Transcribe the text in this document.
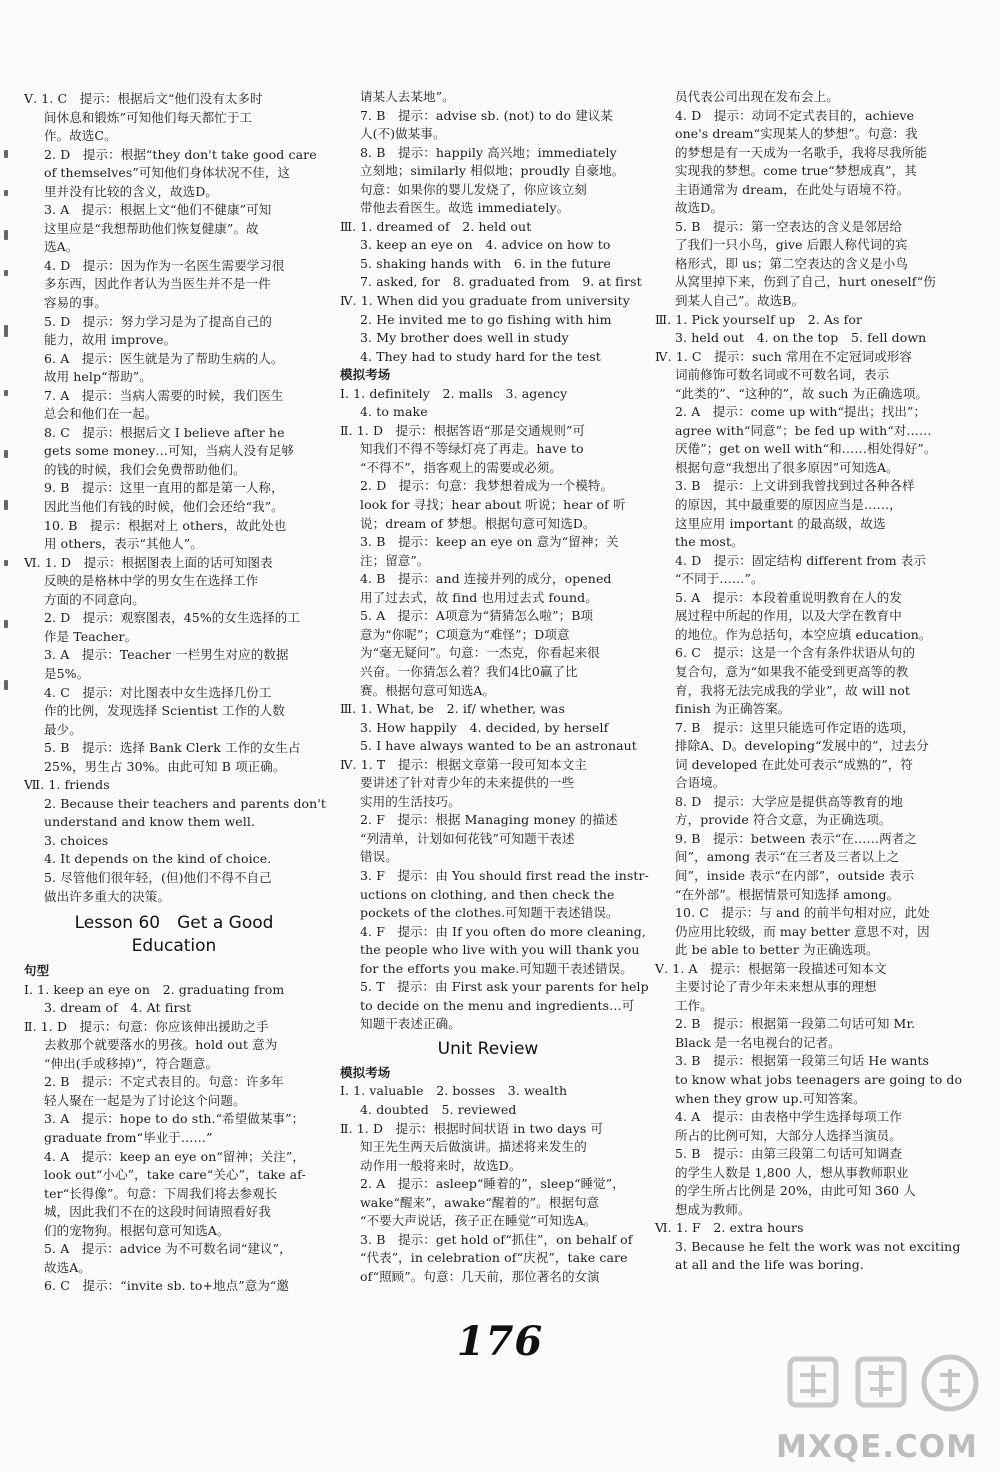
Ⅴ. 1. C　提示：根据后文“他们没有太多时
间休息和锻炼”可知他们每天都忙于工
作。故选C。
2. D　提示：根据“they don't take good care
of themselves”可知他们身体状况不佳，这
里并没有比较的含义，故选D。
3. A　提示：根据上文“他们不健康”可知
这里应是“我想帮助他们恢复健康”。故
选A。
4. D　提示：因为作为一名医生需要学习很
多东西，因此作者认为当医生并不是一件
容易的事。
5. D　提示：努力学习是为了提高自己的
能力，故用 improve。
6. A　提示：医生就是为了帮助生病的人。
故用 help“帮助”。
7. A　提示：当病人需要的时候，我们医生
总会和他们在一起。
8. C　提示：根据后文 I believe after he
gets some money…可知，当病人没有足够
的钱的时候，我们会免费帮助他们。
9. B　提示：这里一直用的都是第一人称，
因此当他们有钱的时候，他们会还给“我”。
10. B　提示：根据对上 others，故此处也
用 others，表示“其他人”。
Ⅵ. 1. D　提示：根据图表上面的话可知图表
反映的是格林中学的男女生在选择工作
方面的不同意向。
2. D　提示：观察图表，45%的女生选择的工
作是 Teacher。
3. A　提示：Teacher 一栏男生对应的数据
是5%。
4. C　提示：对比图表中女生选择几份工
作的比例，发现选择 Scientist 工作的人数
最少。
5. B　提示：选择 Bank Clerk 工作的女生占
25%，男生占 30%。由此可知 B 项正确。
Ⅶ. 1. friends
2. Because their teachers and parents don't
understand and know them well.
3. choices
4. It depends on the kind of choice.
5. 尽管他们很年轻，(但)他们不得不自己
做出许多重大的决策。
Lesson 60　Get a Good
Education
句型
Ⅰ. 1. keep an eye on　2. graduating from
3. dream of　4. At first
Ⅱ. 1. D　提示：句意：你应该伸出援助之手
去救那个就要落水的男孩。hold out 意为
“伸出(手或移掉)”，符合题意。
2. B　提示：不定式表目的。句意：许多年
轻人聚在一起是为了讨论这个问题。
3. A　提示：hope to do sth.“希望做某事”；
graduate from“毕业于……”
4. A　提示：keep an eye on“留神；关注”，
look out“小心”，take care“关心”，take af-
ter“长得像”。句意：下周我们将去参观长
城，因此我们不在的这段时间请照看好我
们的宠物狗。根据句意可知选A。
5. A　提示：advice 为不可数名词“建议”，
故选A。
6. C　提示：“invite sb. to+地点”意为“邀
请某人去某地”。
7. B　提示：advise sb. (not) to do 建议某
人(不)做某事。
8. B　提示：happily 高兴地；immediately
立刻地；similarly 相似地；proudly 自豪地。
句意：如果你的婴儿发烧了，你应该立刻
带他去看医生。故选 immediately。
Ⅲ. 1. dreamed of　2. held out
3. keep an eye on　4. advice on how to
5. shaking hands with　6. in the future
7. asked, for　8. graduated from　9. at first
Ⅳ. 1. When did you graduate from university
2. He invited me to go fishing with him
3. My brother does well in study
4. They had to study hard for the test
模拟考场
Ⅰ. 1. definitely　2. malls　3. agency
4. to make
Ⅱ. 1. D　提示：根据答语“那是交通规则”可
知我们不得不等绿灯亮了再走。have to
“不得不”，指客观上的需要或必须。
2. D　提示：句意：我梦想着成为一个模特。
look for 寻找；hear about 听说；hear of 听
说；dream of 梦想。根据句意可知选D。
3. B　提示：keep an eye on 意为“留神；关
注；留意”。
4. B　提示：and 连接并列的成分，opened
用了过去式，故 find 也用过去式 found。
5. A　提示：A项意为“猜猜怎么啦”；B项
意为“你呢”；C项意为“难怪”；D项意
为“毫无疑问”。句意：一杰克，你看起来很
兴奋。一你猜怎么着？我们4比0赢了比
赛。根据句意可知选A。
Ⅲ. 1. What, be　2. if/ whether, was
3. How happily　4. decided, by herself
5. I have always wanted to be an astronaut
Ⅳ. 1. T　提示：根据文章第一段可知本文主
要讲述了针对青少年的未来提供的一些
实用的生活技巧。
2. F　提示：根据 Managing money 的描述
“列清单，计划如何花钱”可知题干表述
错误。
3. F　提示：由 You should first read the instr-
uctions on clothing, and then check the
pockets of the clothes.可知题干表述错误。
4. F　提示：由 If you often do more cleaning,
the people who live with you will thank you
for the efforts you make.可知题干表述错误。
5. T　提示：由 First ask your parents for help
to decide on the menu and ingredients…可
知题干表述正确。
Unit Review
模拟考场
Ⅰ. 1. valuable　2. bosses　3. wealth
4. doubted　5. reviewed
Ⅱ. 1. D　提示：根据时间状语 in two days 可
知王先生两天后做演讲。描述将来发生的
动作用一般将来时，故选D。
2. A　提示：asleep“睡着的”，sleep“睡觉”，
wake“醒来”，awake“醒着的”。根据句意
“不要大声说话，孩子正在睡觉”可知选A。
3. B　提示：get hold of“抓住”，on behalf of
“代表”，in celebration of“庆祝”，take care
of“照顾”。句意：几天前，那位著名的女演
员代表公司出现在发布会上。
4. D　提示：动词不定式表目的，achieve
one's dream“实现某人的梦想”。句意：我
的梦想是有一天成为一名歌手，我将尽我所能
实现我的梦想。come true“梦想成真”，其
主语通常为 dream，在此处与语境不符。
故选D。
5. B　提示：第一空表达的含义是邻居给
了我们一只小鸟，give 后跟人称代词的宾
格形式，即 us；第二空表达的含义是小鸟
从窝里掉下来，伤到了自己，hurt oneself“伤
到某人自己”。故选B。
Ⅲ. 1. Pick yourself up　2. As for
3. held out　4. on the top　5. fell down
Ⅳ. 1. C　提示：such 常用在不定冠词或形容
词前修饰可数名词或不可数名词，表示
“此类的”、“这种的”，故 such 为正确选项。
2. A　提示：come up with“提出；找出”；
agree with“同意”；be fed up with“对……
厌倦”；get on well with“和……相处得好”。
根据句意“我想出了很多原因”可知选A。
3. B　提示：上文讲到我曾找到过各种各样
的原因，其中最重要的原因应当是……，
这里应用 important 的最高级，故选
the most。
4. D　提示：固定结构 different from 表示
“不同于……”。
5. A　提示：本段着重说明教育在人的发
展过程中所起的作用，以及大学在教育中
的地位。作为总括句，本空应填 education。
6. C　提示：这是一个含有条件状语从句的
复合句，意为“如果我不能受到更高等的教
育，我将无法完成我的学业”，故 will not
finish 为正确答案。
7. B　提示：这里只能选可作定语的选项，
排除A、D。developing“发展中的”，过去分
词 developed 在此处可表示“成熟的”，符
合语境。
8. D　提示：大学应是提供高等教育的地
方，provide 符合文意，为正确选项。
9. B　提示：between 表示“在……两者之
间”，among 表示“在三者及三者以上之
间”，inside 表示“在内部”，outside 表示
“在外部”。根据情景可知选择 among。
10. C　提示：与 and 的前半句相对应，此处
仍应用比较级，而 may better 意思不对，因
此 be able to better 为正确选项。
Ⅴ. 1. A　提示：根据第一段描述可知本文
主要讨论了青少年未来想从事的理想
工作。
2. B　提示：根据第一段第二句话可知 Mr.
Black 是一名电视台的记者。
3. B　提示：根据第一段第三句话 He wants
to know what jobs teenagers are going to do
when they grow up.可知答案。
4. A　提示：由表格中学生选择每项工作
所占的比例可知，大部分人选择当演员。
5. B　提示：由第三段第二句话可知调查
的学生人数是 1,800 人，想从事教师职业
的学生所占比例是 20%，由此可知 360 人
想成为教师。
Ⅵ. 1. F　2. extra hours
3. Because he felt the work was not exciting
at all and the life was boring.
176
MXQE.COM
